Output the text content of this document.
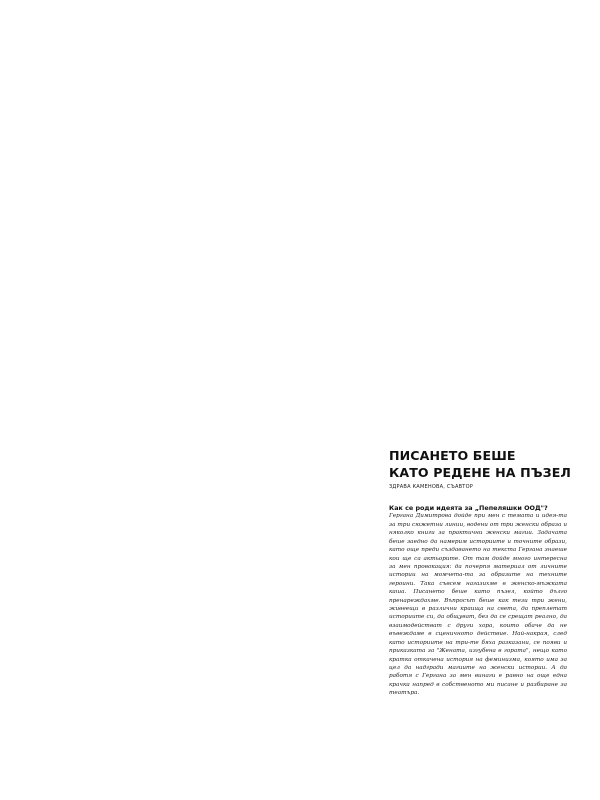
ПИСАНЕТО БЕШЕ
КАТО РЕДЕНЕ НА ПЪЗЕЛ

ЗДРАВА КАМЕНОВА, СЪАВТОР

Как се роди идеята за „Пепеляшки ООД"?

Гергана Димитрова дойде при мен с темата и идея-та за три сюжетни линии, водени от три женски образа и няколко книги за практични женски магии. Задачата беше заедно да намерим историите и точните образи, като още преди създаването на текста Гергана знаеше кои ще са актьорите. От там дойде много интересна за мен провокация: да почерпя материал от личните истории на момчета-та за образите на техните героини. Така съвсем нагазихме в женско-мъжката каша. Писането беше като пъзел, който дълго пренареждахме. Въпросът беше как тези три жени, живеещи в различни краища на света, да преплетат историите си, да общуват, без да се срещат реално, да взаимодействат с други хора, които обаче да не въвеждаме в сценичното действие. Най-накрая, след като историите на три-те бяха разказани, се появи и приказката за "Жената, изгубена в гората", нещо като кратка откачена история на феминизма, която има за цел да надгради магиите на женски истории. А да работя с Гергана за мен винаги е равно на още една крачка напред в собственото ми писане и разбиране за театъра.
